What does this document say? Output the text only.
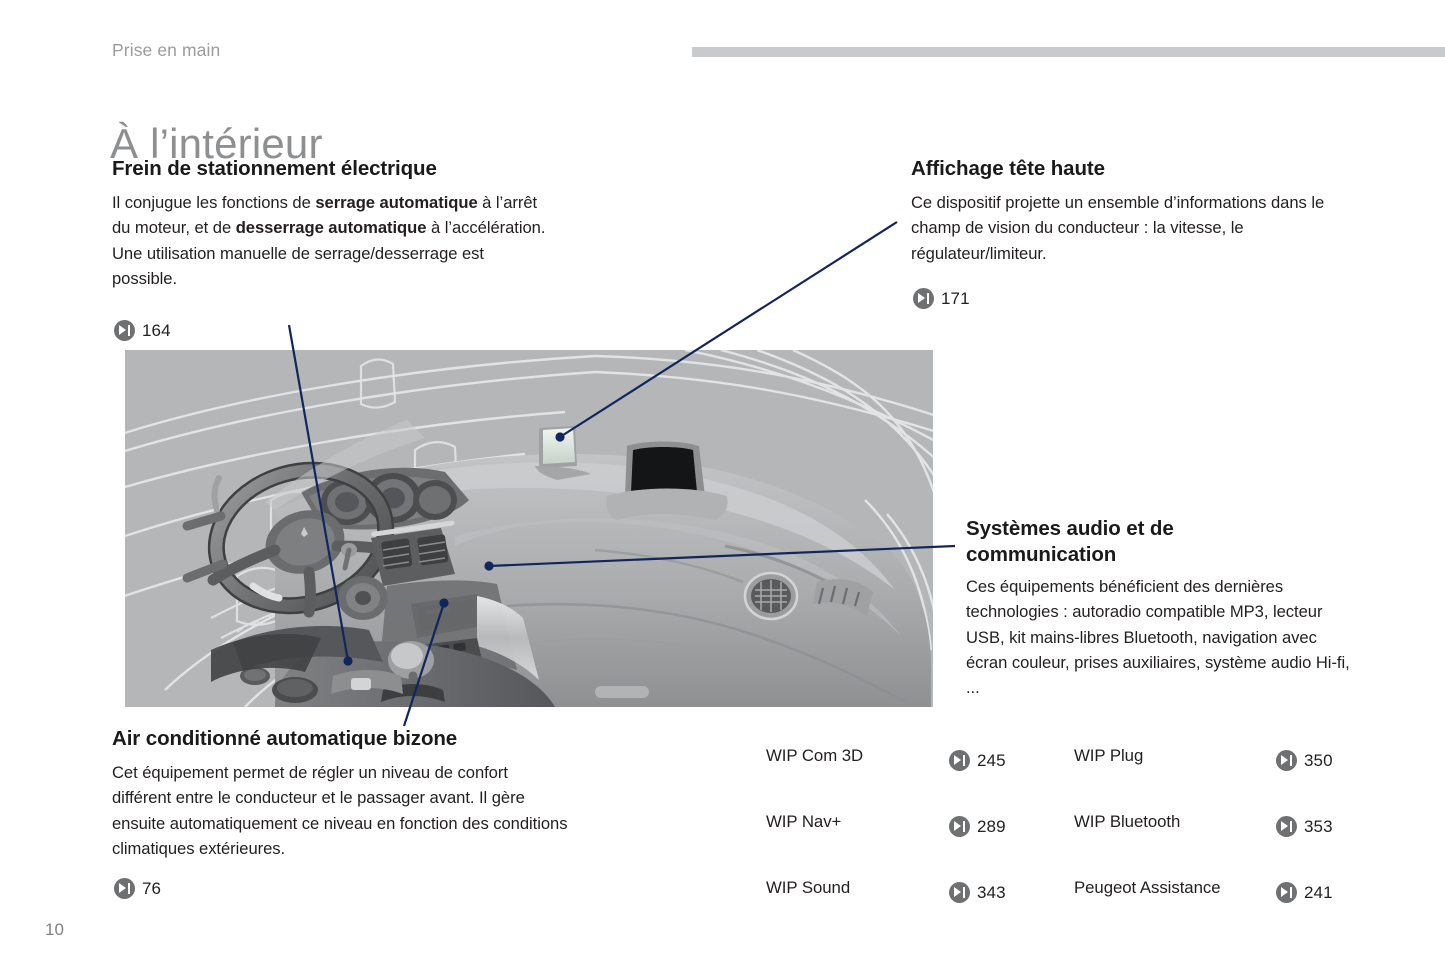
Prise en main
À l’intérieur
Frein de stationnement électrique
Il conjugue les fonctions de serrage automatique à l’arrêt du moteur, et de desserrage automatique à l’accélération.
Une utilisation manuelle de serrage/desserrage est possible.
164
Affichage tête haute
Ce dispositif projette un ensemble d’informations dans le champ de vision du conducteur : la vitesse, le régulateur/limiteur.
171
Systèmes audio et de
communication
Ces équipements bénéficient des dernières technologies : autoradio compatible MP3, lecteur USB, kit mains-libres Bluetooth, navigation avec écran couleur, prises auxiliaires, système audio Hi-fi, ...
Air conditionné automatique bizone
Cet équipement permet de régler un niveau de confort différent entre le conducteur et le passager avant. Il gère ensuite automatiquement ce niveau en fonction des conditions climatiques extérieures.
76
WIP Com 3D	245	WIP Plug	350
WIP Nav+	289	WIP Bluetooth	353
WIP Sound	343	Peugeot Assistance	241
10
